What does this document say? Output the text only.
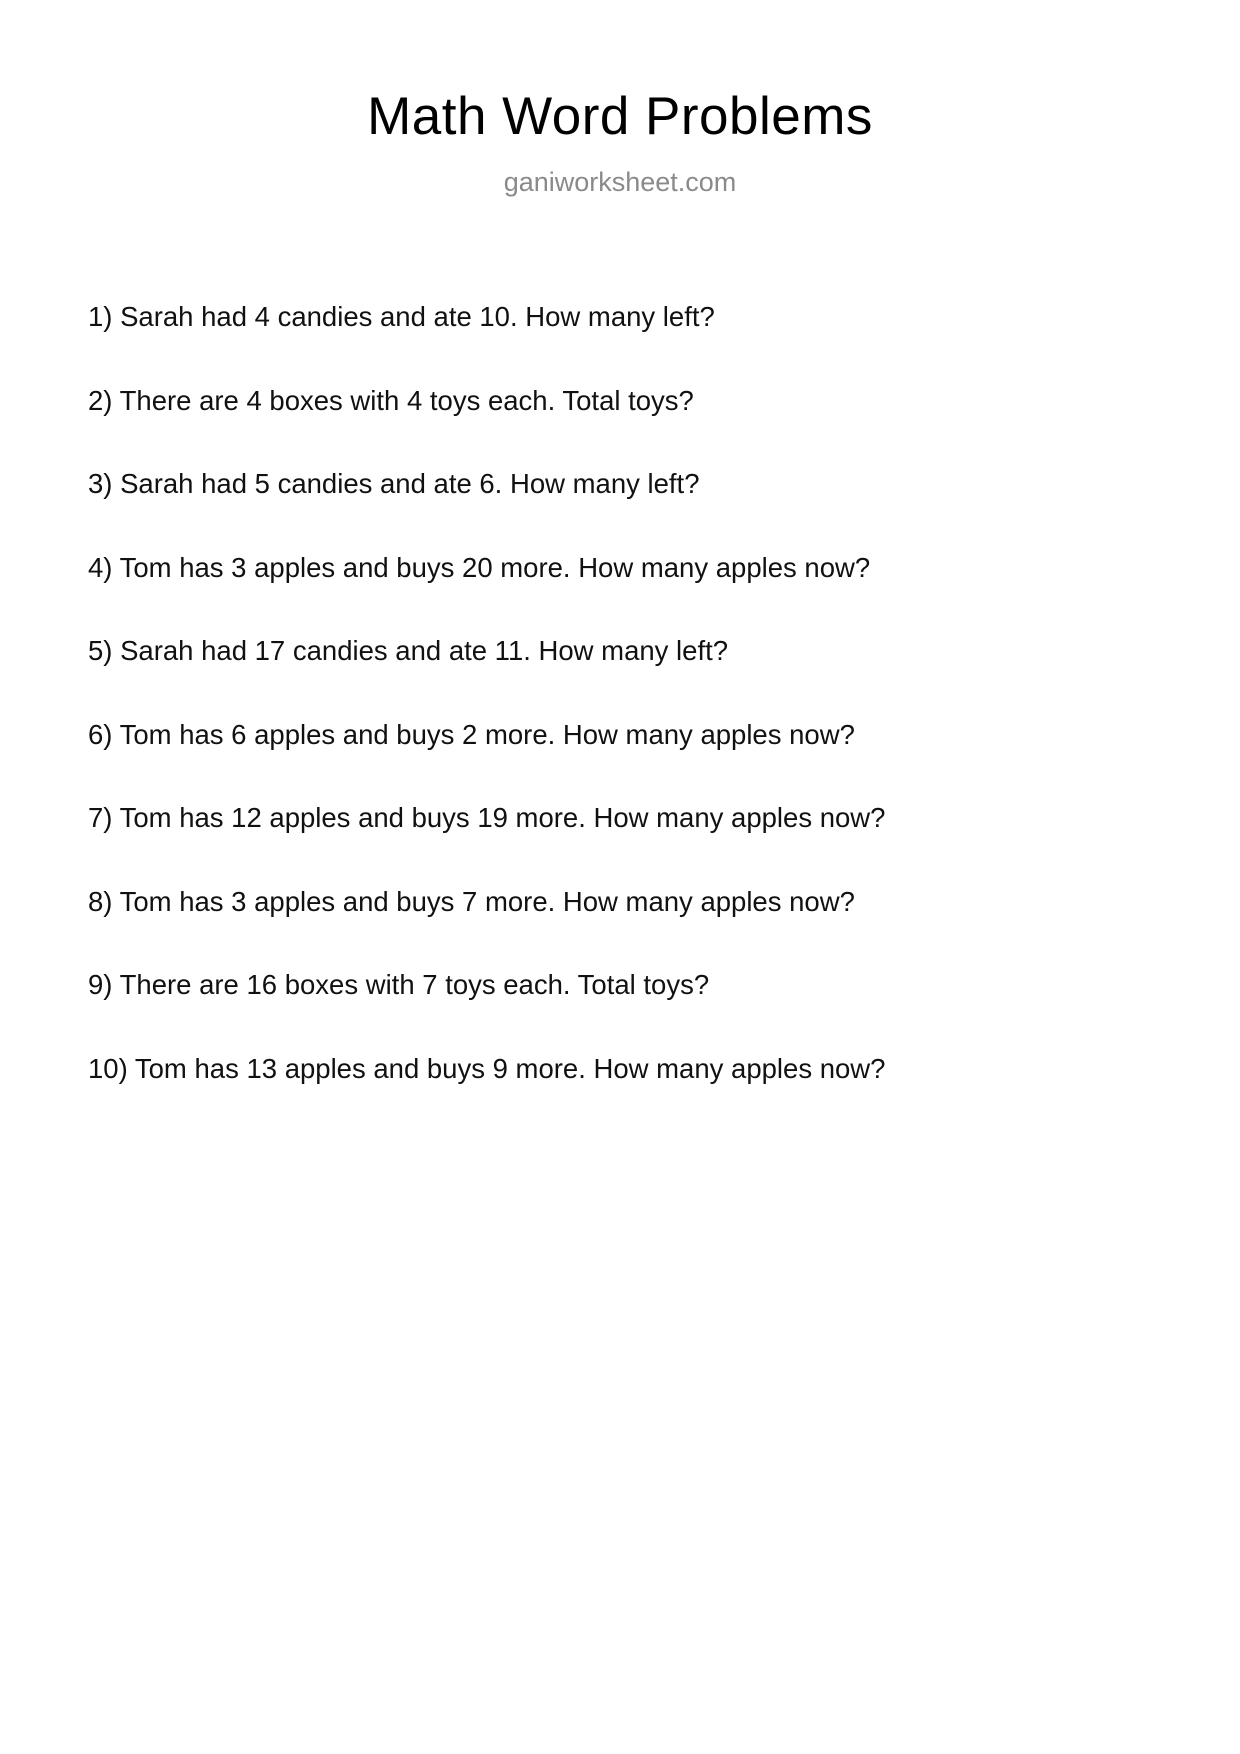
Math Word Problems
ganiworksheet.com
1) Sarah had 4 candies and ate 10. How many left?
2) There are 4 boxes with 4 toys each. Total toys?
3) Sarah had 5 candies and ate 6. How many left?
4) Tom has 3 apples and buys 20 more. How many apples now?
5) Sarah had 17 candies and ate 11. How many left?
6) Tom has 6 apples and buys 2 more. How many apples now?
7) Tom has 12 apples and buys 19 more. How many apples now?
8) Tom has 3 apples and buys 7 more. How many apples now?
9) There are 16 boxes with 7 toys each. Total toys?
10) Tom has 13 apples and buys 9 more. How many apples now?
